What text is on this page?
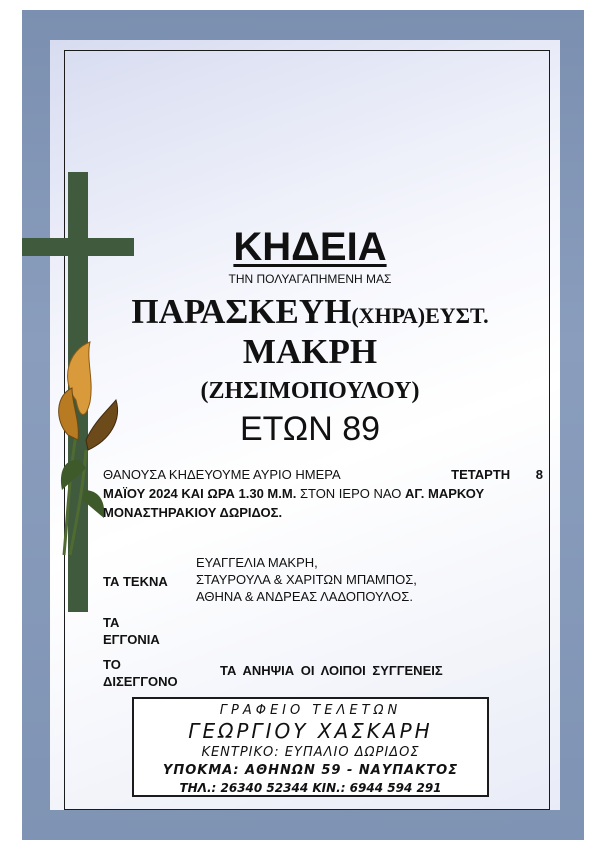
ΚΗΔΕΙΑ
ΤΗΝ ΠΟΛΥΑΓΑΠΗΜΕΝΗ ΜΑΣ
ΠΑΡΑΣΚΕΥΗ(ΧΗΡΑ)ΕΥΣΤ.
ΜΑΚΡΗ
(ΖΗΣΙΜΟΠΟΥΛΟΥ)
ΕΤΩΝ 89
ΘΑΝΟΥΣΑ ΚΗΔΕΥΟΥΜΕ ΑΥΡΙΟ ΗΜΕΡΑ	ΤΕΤΑΡΤΗ 8
ΜΑΪΟΥ 2024 ΚΑΙ ΩΡΑ 1.30 Μ.Μ. ΣΤΟΝ ΙΕΡΟ ΝΑΟ ΑΓ. ΜΑΡΚΟΥ
ΜΟΝΑΣΤΗΡΑΚΙΟΥ ΔΩΡΙΔΟΣ.
ΤΑ ΤΕΚΝΑ
ΕΥΑΓΓΕΛΙΑ ΜΑΚΡΗ,
ΣΤΑΥΡΟΥΛΑ & ΧΑΡΙΤΩΝ ΜΠΑΜΠΟΣ,
ΑΘΗΝΑ & ΑΝΔΡΕΑΣ ΛΑΔΟΠΟΥΛΟΣ.
ΤΑ
ΕΓΓΟΝΙΑ
ΤΟ
ΔΙΣΕΓΓΟΝΟ
ΤΑ ΑΝΗΨΙΑ ΟΙ ΛΟΙΠΟΙ ΣΥΓΓΕΝΕΙΣ
ΓΡΑΦΕΙΟ ΤΕΛΕΤΩΝ
ΓΕΩΡΓΙΟΥ ΧΑΣΚΑΡΗ
ΚΕΝΤΡΙΚΟ: ΕΥΠΑΛΙΟ ΔΩΡΙΔΟΣ
ΥΠΟΚΜΑ: ΑΘΗΝΩΝ 59 - ΝΑΥΠΑΚΤΟΣ
ΤΗΛ.: 26340 52344 ΚΙΝ.: 6944 594 291
